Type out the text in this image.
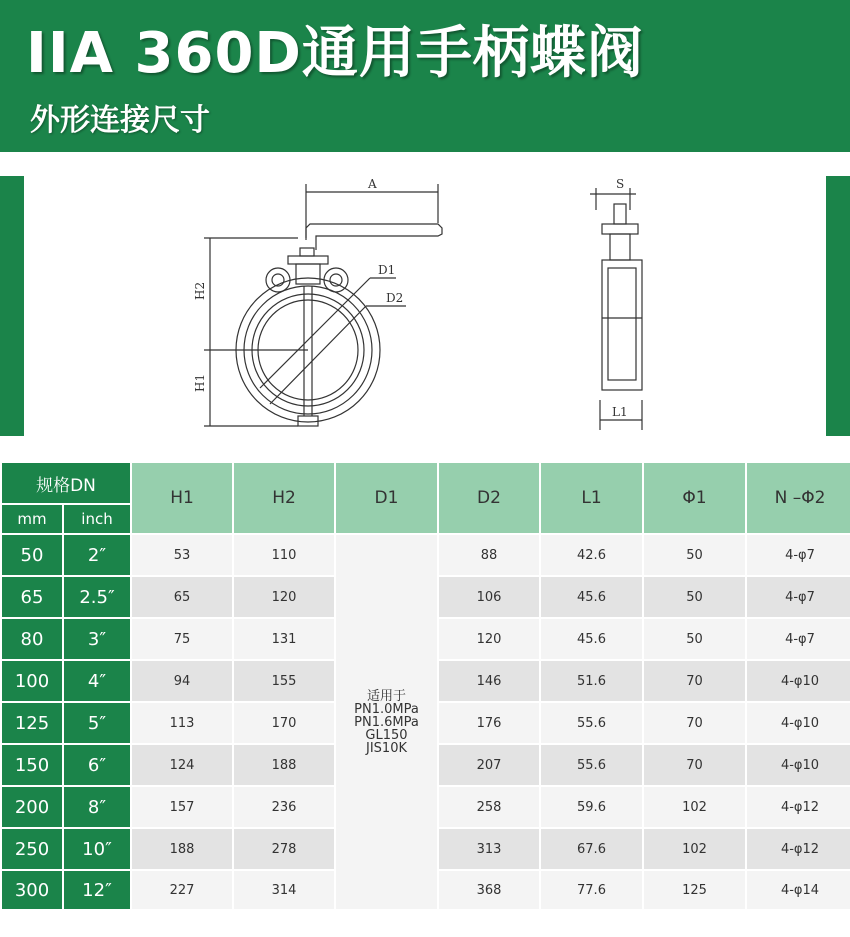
IIA 360D通用手柄蝶阀
外形连接尺寸
A
D1
D2
H2
H1
S
L1
规格DN		H1	H2	D1	D2	L1	Φ1	N –Φ2
mm	inch							
50	2″	53	110	适用于
PN1.0MPa
PN1.6MPa
GL150
JIS10K	88	42.6	50	4-φ7
65	2.5″	65	120		106	45.6	50	4-φ7
80	3″	75	131		120	45.6	50	4-φ7
100	4″	94	155		146	51.6	70	4-φ10
125	5″	113	170		176	55.6	70	4-φ10
150	6″	124	188		207	55.6	70	4-φ10
200	8″	157	236		258	59.6	102	4-φ12
250	10″	188	278		313	67.6	102	4-φ12
300	12″	227	314		368	77.6	125	4-φ14
